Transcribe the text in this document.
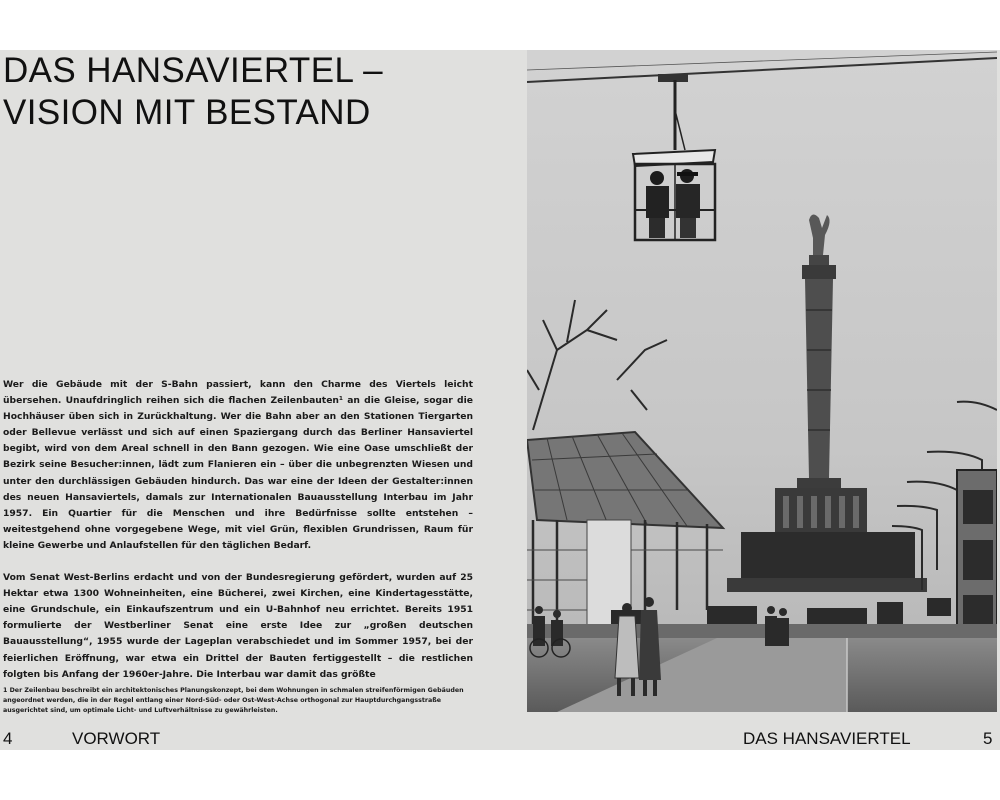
DAS HANSAVIERTEL –
VISION MIT BESTAND

Wer die Gebäude mit der S-Bahn passiert, kann den Charme des Viertels leicht übersehen. Unaufdringlich reihen sich die flachen Zeilenbauten¹ an die Gleise, sogar die Hochhäuser üben sich in Zurückhaltung. Wer die Bahn aber an den Stationen Tiergarten oder Bellevue verlässt und sich auf einen Spaziergang durch das Berliner Hansaviertel begibt, wird von dem Areal schnell in den Bann gezogen. Wie eine Oase umschließt der Bezirk seine Besucher:innen, lädt zum Flanieren ein – über die unbegrenzten Wiesen und unter den durchlässigen Gebäuden hindurch. Das war eine der Ideen der Gestalter:innen des neuen Hansaviertels, damals zur Internationalen Bauausstellung Interbau im Jahr 1957. Ein Quartier für die Menschen und ihre Bedürfnisse sollte entstehen – weitestgehend ohne vorgegebene Wege, mit viel Grün, flexiblen Grundrissen, Raum für kleine Gewerbe und Anlaufstellen für den täglichen Bedarf.

Vom Senat West-Berlins erdacht und von der Bundesregierung gefördert, wurden auf 25 Hektar etwa 1300 Wohneinheiten, eine Bücherei, zwei Kirchen, eine Kindertagesstätte, eine Grundschule, ein Einkaufszentrum und ein U-Bahnhof neu errichtet. Bereits 1951 formulierte der Westberliner Senat eine erste Idee zur „großen deutschen Bauausstellung“, 1955 wurde der Lageplan verabschiedet und im Sommer 1957, bei der feierlichen Eröffnung, war etwa ein Drittel der Bauten fertiggestellt – die restlichen folgten bis Anfang der 1960er-Jahre. Die Interbau war damit das größte

1 Der Zeilenbau beschreibt ein architektonisches Planungskonzept, bei dem Wohnungen in schmalen streifenförmigen Gebäuden angeordnet werden, die in der Regel entlang einer Nord-Süd- oder Ost-West-Achse orthogonal zur Hauptdurchgangsstraße ausgerichtet sind, um optimale Licht- und Luftverhältnisse zu gewährleisten.
4	VORWORT	DAS HANSAVIERTEL	5
